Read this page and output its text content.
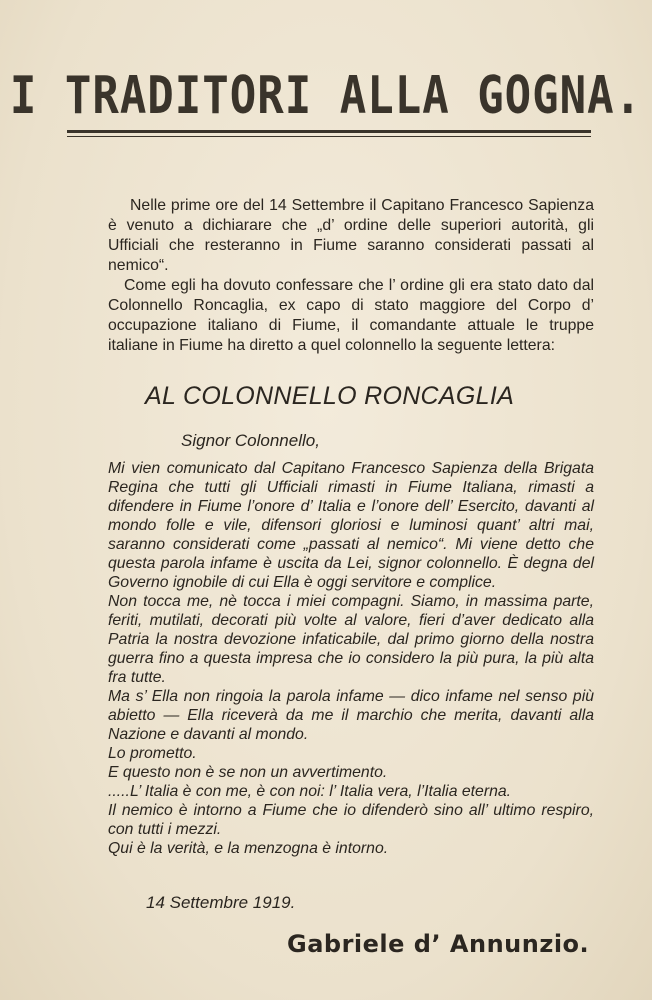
I TRADITORI ALLA GOGNA.

Nelle prime ore del 14 Settembre il Capitano Francesco Sapienza è venuto a dichiarare che „d’ ordine delle superiori autorità, gli Ufficiali che resteranno in Fiume saranno considerati passati al nemico“.

Come egli ha dovuto confessare che l’ ordine gli era stato dato dal Colonnello Roncaglia, ex capo di stato maggiore del Corpo d’ occupazione italiano di Fiume, il comandante attuale le truppe italiane in Fiume ha diretto a quel colonnello la seguente lettera:

AL COLONNELLO RONCAGLIA
Signor Colonnello,

Mi vien comunicato dal Capitano Francesco Sapienza della Brigata Regina che tutti gli Ufficiali rimasti in Fiume Italiana, rimasti a difendere in Fiume l’onore d’ Italia e l’onore dell’ Esercito, davanti al mondo folle e vile, difensori gloriosi e luminosi quant’ altri mai, saranno considerati come „passati al nemico“. Mi viene detto che questa parola infame è uscita da Lei, signor colonnello. È degna del Governo ignobile di cui Ella è oggi servitore e complice.

Non tocca me, nè tocca i miei compagni. Siamo, in massima parte, feriti, mutilati, decorati più volte al valore, fieri d’aver dedicato alla Patria la nostra devozione infaticabile, dal primo giorno della nostra guerra fino a questa impresa che io considero la più pura, la più alta fra tutte.

Ma s’ Ella non ringoia la parola infame — dico infame nel senso più abietto — Ella riceverà da me il marchio che merita, davanti alla Nazione e davanti al mondo.

Lo prometto.

E questo non è se non un avvertimento.

.....L’ Italia è con me, è con noi: l’ Italia vera, l’Italia eterna.

Il nemico è intorno a Fiume che io difenderò sino all’ ultimo respiro, con tutti i mezzi.

Qui è la verità, e la menzogna è intorno.

14 Settembre 1919.
Gabriele d’ Annunzio.
